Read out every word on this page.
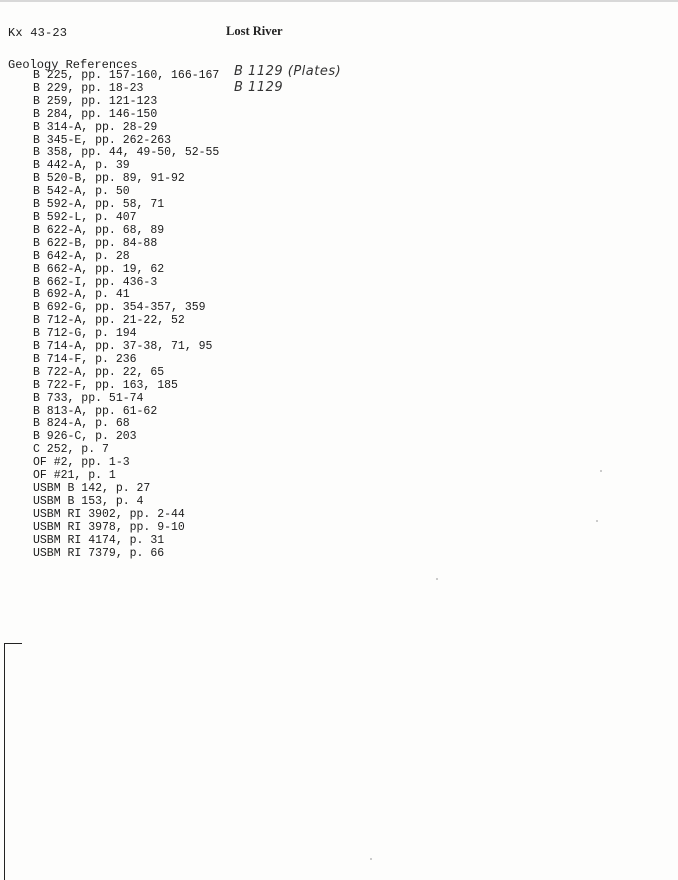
Kx 43-23	Lost River
Geology References	B 1129 (Plates)
B 1129
B 225, pp. 157-160, 166-167
B 229, pp. 18-23
B 259, pp. 121-123
B 284, pp. 146-150
B 314-A, pp. 28-29
B 345-E, pp. 262-263
B 358, pp. 44, 49-50, 52-55
B 442-A, p. 39
B 520-B, pp. 89, 91-92
B 542-A, p. 50
B 592-A, pp. 58, 71
B 592-L, p. 407
B 622-A, pp. 68, 89
B 622-B, pp. 84-88
B 642-A, p. 28
B 662-A, pp. 19, 62
B 662-I, pp. 436-3
B 692-A, p. 41
B 692-G, pp. 354-357, 359
B 712-A, pp. 21-22, 52
B 712-G, p. 194
B 714-A, pp. 37-38, 71, 95
B 714-F, p. 236
B 722-A, pp. 22, 65
B 722-F, pp. 163, 185
B 733, pp. 51-74
B 813-A, pp. 61-62
B 824-A, p. 68
B 926-C, p. 203
C 252, p. 7
OF #2, pp. 1-3
OF #21, p. 1
USBM B 142, p. 27
USBM B 153, p. 4
USBM RI 3902, pp. 2-44
USBM RI 3978, pp. 9-10
USBM RI 4174, p. 31
USBM RI 7379, p. 66
